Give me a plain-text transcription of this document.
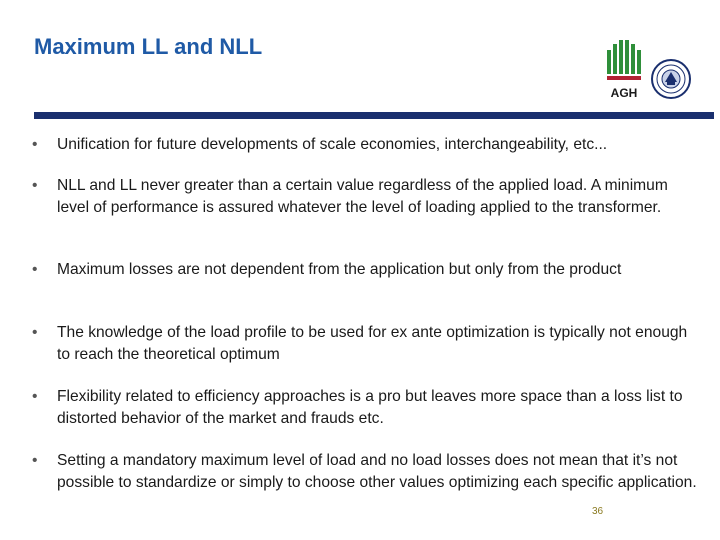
Maximum LL and NLL
AGH
•	Unification for future developments of scale economies, interchangeability, etc...
•	NLL and LL never greater than a certain value regardless of the applied load. A minimum level of performance is assured whatever the level of loading applied to the transformer.
•	Maximum losses are not dependent from the application but only from the product
•	The knowledge of the load profile to be used for ex ante optimization is typically not enough to reach the theoretical optimum
•	Flexibility related to efficiency approaches is a pro but leaves more space than a loss list to distorted behavior of the market and frauds etc.
•	Setting a mandatory maximum level of load and no load losses does not mean that it’s not possible to standardize or simply to choose other values optimizing each specific application.
36
